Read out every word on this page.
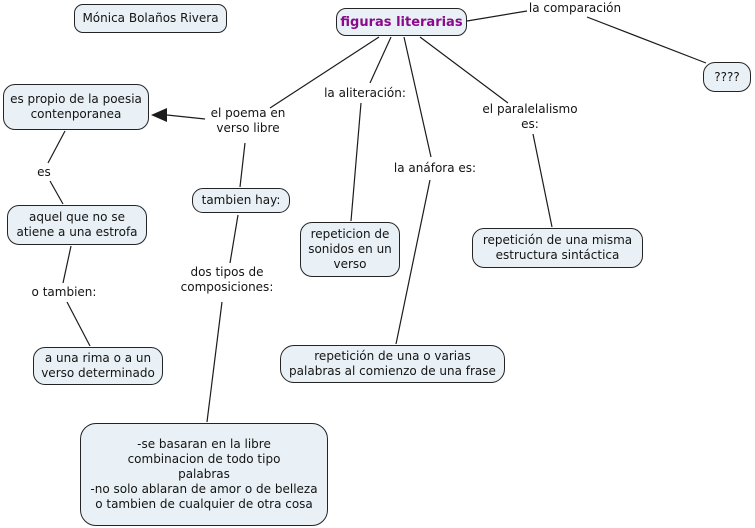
Mónica Bolaños Rivera	figuras literarias
????
es propio de la poesia
contenporanea
aquel que no se
atiene a una estrofa
tambien hay:
a una rima o a un
verso determinado
repeticion de
sonidos en un
verso
repetición de una misma
estructura sintáctica
repetición de una o varias
palabras al comienzo de una frase
-se basaran en la libre
combinacion de todo tipo
palabras
-no solo ablaran de amor o de belleza
o tambien de cualquier de otra cosa
la comparación
el poema en
verso libre
la aliteración:
la anáfora es:
el paralelalismo
es:
es
o tambien:
dos tipos de
composiciones:
